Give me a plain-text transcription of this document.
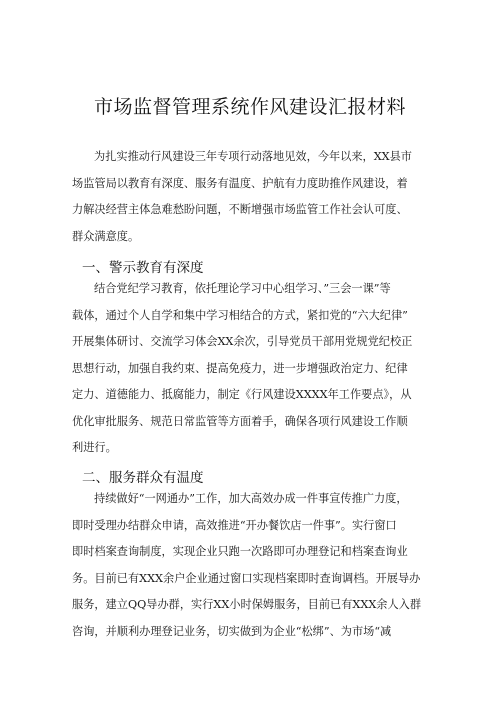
市场监督管理系统作风建设汇报材料
为扎实推动行风建设三年专项行动落地见效，今年以来，XX县市
场监管局以教育有深度、服务有温度、护航有力度助推作风建设，着
力解决经营主体急难愁盼问题，不断增强市场监管工作社会认可度、
群众满意度。
一、警示教育有深度
结合党纪学习教育，依托理论学习中心组学习、”三会一课”等
载体，通过个人自学和集中学习相结合的方式，紧扣党的“六大纪律”
开展集体研讨、交流学习体会XX余次，引导党员干部用党规党纪校正
思想行动，加强自我约束、提高免疫力，进一步增强政治定力、纪律
定力、道德能力、抵腐能力，制定《行风建设XXXX年工作要点》，从
优化审批服务、规范日常监管等方面着手，确保各项行风建设工作顺
利进行。
二、服务群众有温度
持续做好“一网通办”工作，加大高效办成一件事宣传推广力度，
即时受理办结群众申请，高效推进“开办餐饮店一件事”。实行窗口
即时档案查询制度，实现企业只跑一次路即可办理登记和档案查询业
务。目前已有XXX余户企业通过窗口实现档案即时查询调档。开展导办
服务，建立QQ导办群，实行XX小时保姆服务，目前已有XXX余人入群
咨询，并顺利办理登记业务，切实做到为企业“松绑”、为市场“减
